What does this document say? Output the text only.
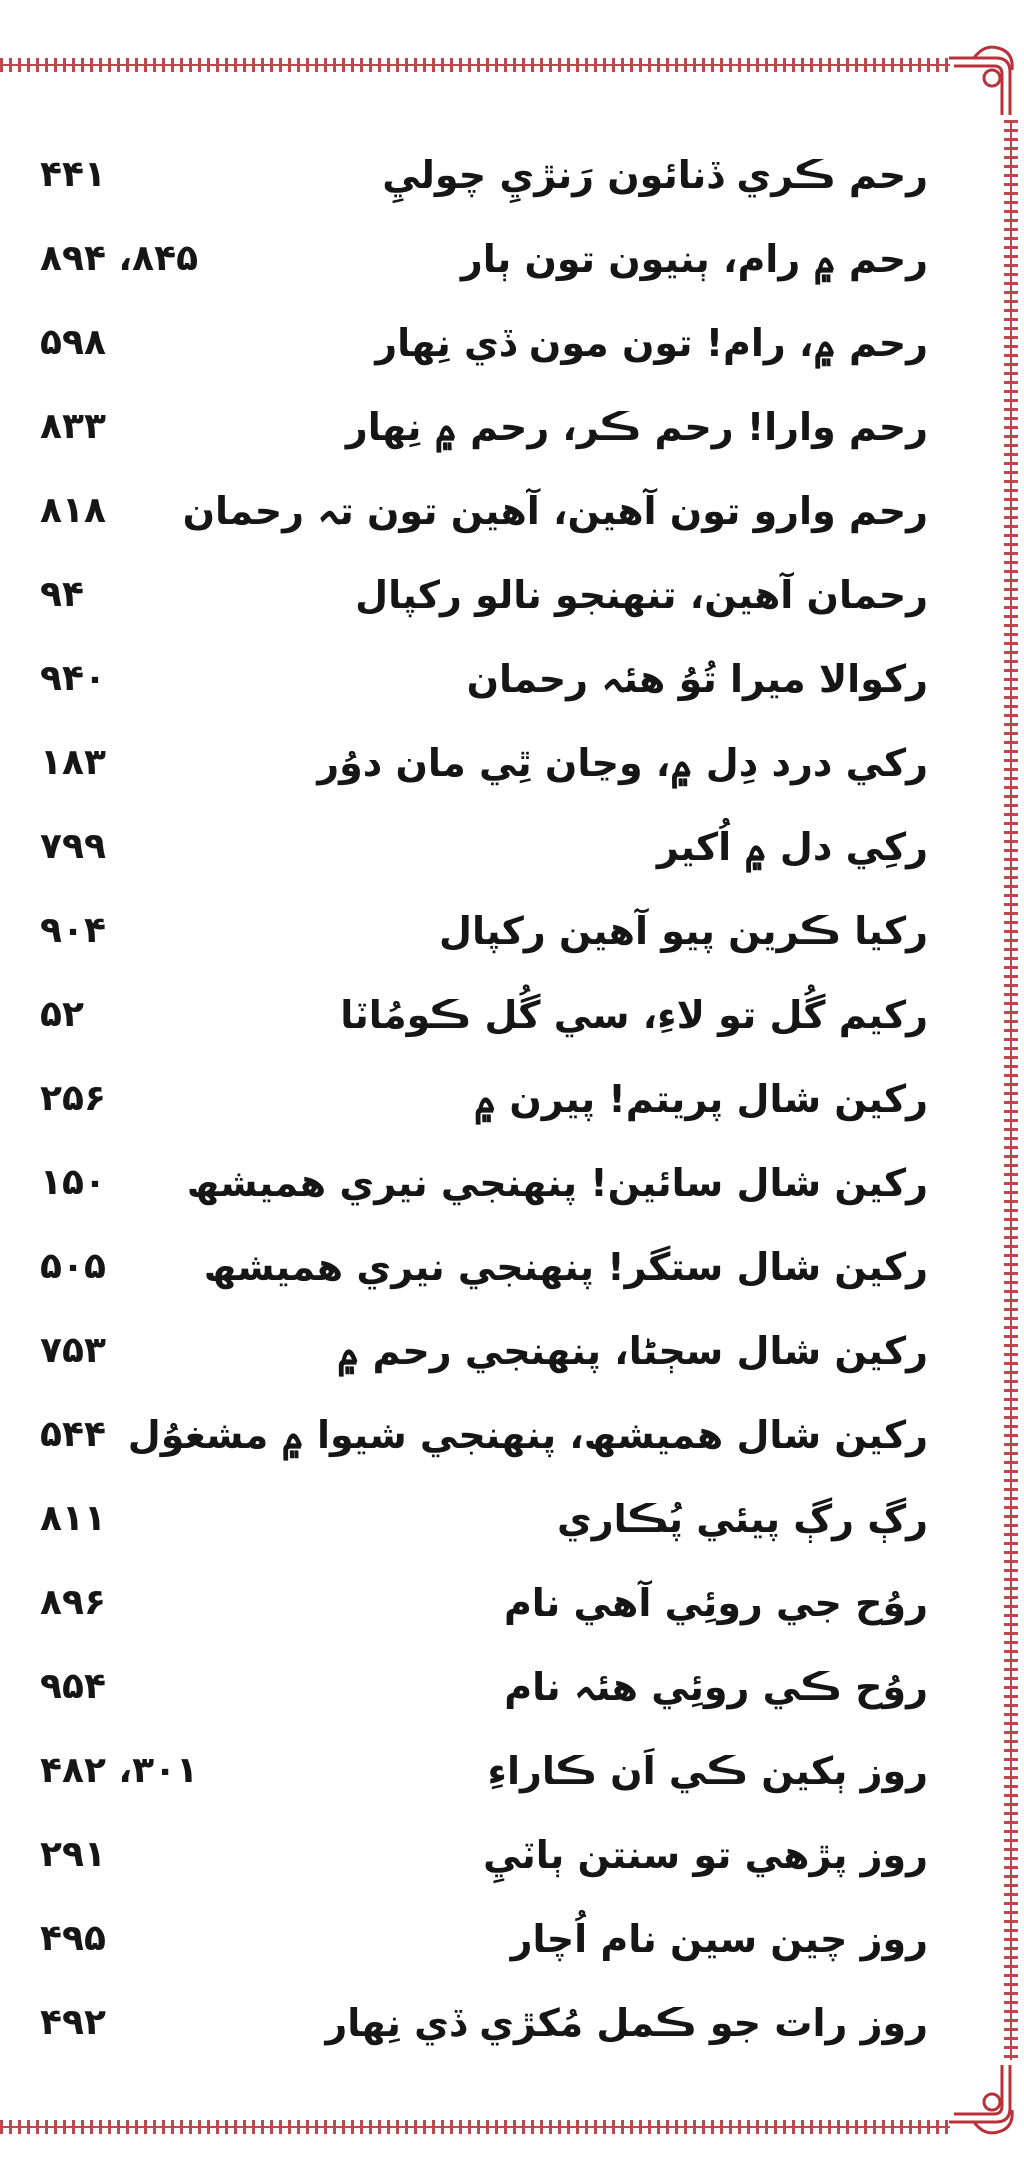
رحم ڪري ڏنائون رَنڙيِ چوليِ
۴۴۱
رحم ۾ رام، ٻنيون تون ٻار
۸۴۵، ۸۹۴
رحم ۾، رام! تون مون ڏي نِهار
۵۹۸
رحم وارا! رحم ڪر، رحم ۾ نِهار
۸۳۳
رحم وارو تون آهين، آهين تون تہ رحمان
۸۱۸
رحمان آهين، تنهنجو نالو رکپال
۹۴
رکوالا ميرا تُوُ هئہ رحمان
۹۴۰
رکي درد دِل ۾، وڃان ٿِي مان دوُر
۱۸۳
رکِي دل ۾ اُکير
۷۹۹
رکيا ڪرين پيو آهين رکپال
۹۰۴
رکيم گُل تو لاءِ، سي گُل ڪومُاٽا
۵۲
رکين شال پريتم! پيرن ۾
۲۵۶
رکين شال سائين! پنهنجي نيري هميشھ
۱۵۰
رکين شال ستگر! پنهنجي نيري هميشھ
۵۰۵
رکين شال سڄڻا، پنهنجي رحم ۾
۷۵۳
رکين شال هميشھ، پنهنجي شيوا ۾ مشغوُل
۵۴۴
رڳ رڳ پيئي پُڪاري
۸۱۱
روُح جي روئِي آهي نام
۸۹۶
روُح ڪي روئِي هئہ نام
۹۵۴
روز ٻکين ڪي اَن ڪاراءِ
۳۰۱، ۴۸۲
روز پڙهي تو سنتن ٻاٽيِ
۲۹۱
روز چين سين نام اُچار
۴۹۵
روز رات جو ڪمل مُکڙي ڏي نِهار
۴۹۲
